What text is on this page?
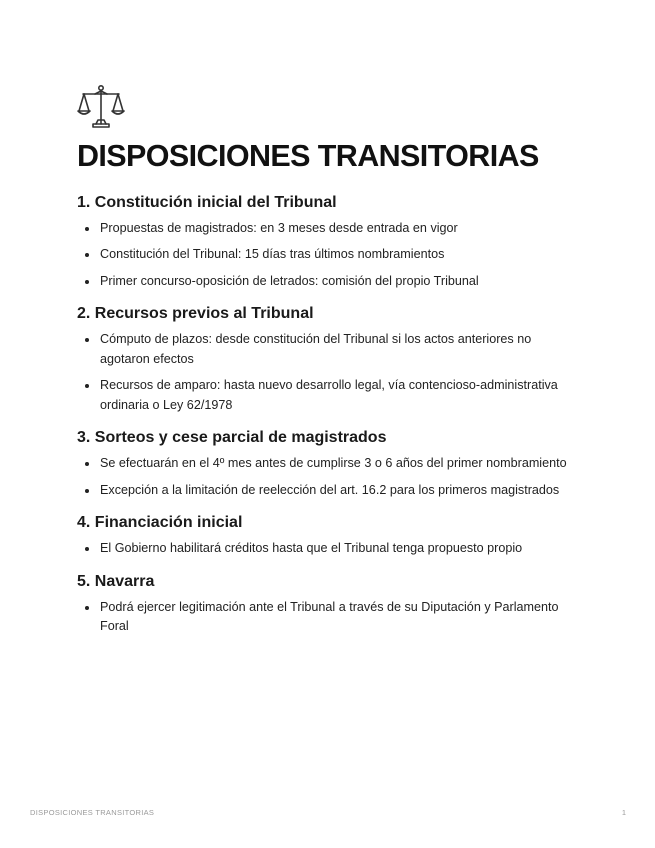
DISPOSICIONES TRANSITORIAS
1. Constitución inicial del Tribunal
Propuestas de magistrados: en 3 meses desde entrada en vigor
Constitución del Tribunal: 15 días tras últimos nombramientos
Primer concurso-oposición de letrados: comisión del propio Tribunal
2. Recursos previos al Tribunal
Cómputo de plazos: desde constitución del Tribunal si los actos anteriores no agotaron efectos
Recursos de amparo: hasta nuevo desarrollo legal, vía contencioso-administrativa ordinaria o Ley 62/1978
3. Sorteos y cese parcial de magistrados
Se efectuarán en el 4º mes antes de cumplirse 3 o 6 años del primer nombramiento
Excepción a la limitación de reelección del art. 16.2 para los primeros magistrados
4. Financiación inicial
El Gobierno habilitará créditos hasta que el Tribunal tenga propuesto propio
5. Navarra
Podrá ejercer legitimación ante el Tribunal a través de su Diputación y Parlamento Foral
DISPOSICIONES TRANSITORIAS	1
